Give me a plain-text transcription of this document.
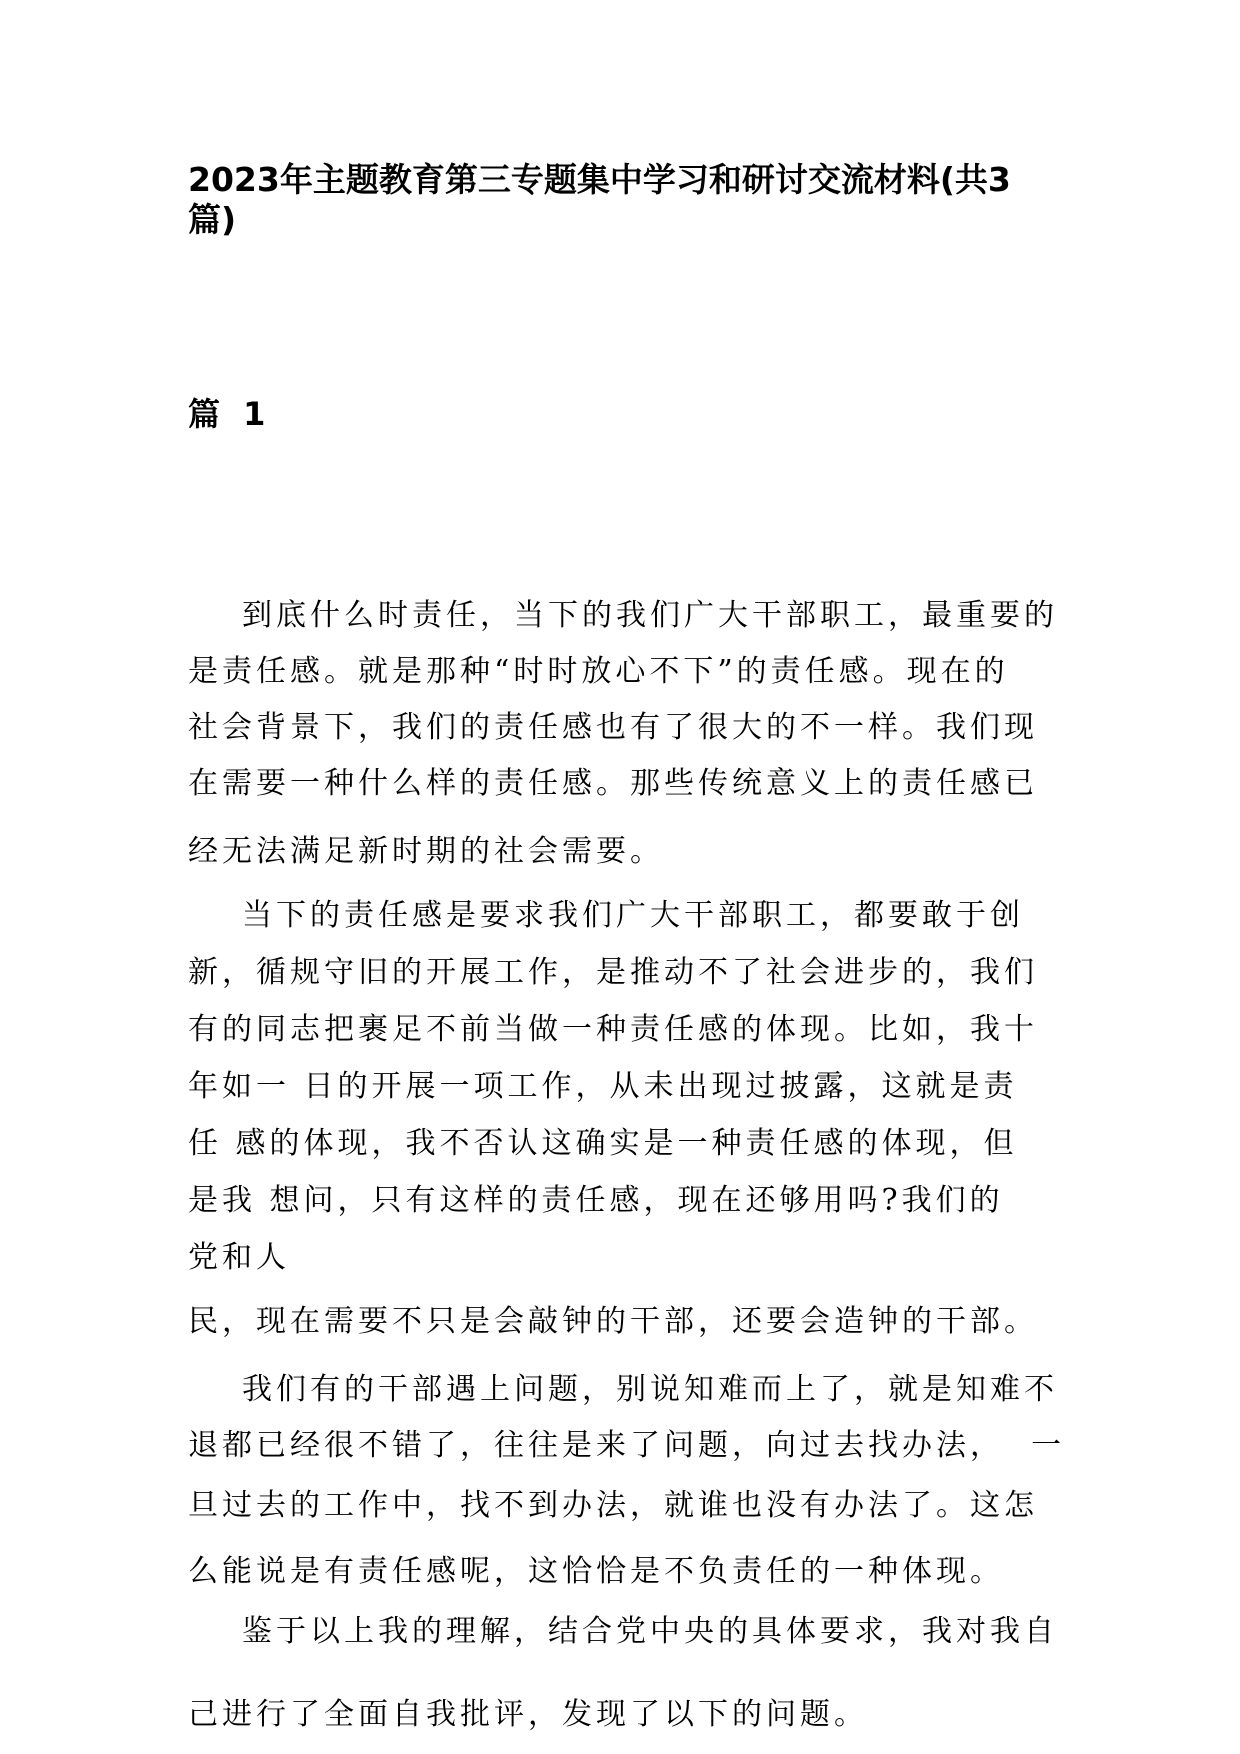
2023年主题教育第三专题集中学习和研讨交流材料(共3
篇)
篇 1

到底什么时责任，当下的我们广大干部职工，最重要的

是责任感。就是那种“时时放心不下”的责任感。现在的

社会背景下，我们的责任感也有了很大的不一样。我们现

在需要一种什么样的责任感。那些传统意义上的责任感已

经无法满足新时期的社会需要。

当下的责任感是要求我们广大干部职工，都要敢于创

新，循规守旧的开展工作，是推动不了社会进步的，我们

有的同志把裹足不前当做一种责任感的体现。比如，我十

年如一 日的开展一项工作，从未出现过披露，这就是责

任 感的体现，我不否认这确实是一种责任感的体现，但

是我 想问，只有这样的责任感，现在还够用吗?我们的

党和人

民，现在需要不只是会敲钟的干部，还要会造钟的干部。

我们有的干部遇上问题，别说知难而上了，就是知难不

退都已经很不错了，往往是来了问题，向过去找办法，  一

旦过去的工作中，找不到办法，就谁也没有办法了。这怎

么能说是有责任感呢，这恰恰是不负责任的一种体现。

鉴于以上我的理解，结合党中央的具体要求，我对我自

己进行了全面自我批评，发现了以下的问题。
